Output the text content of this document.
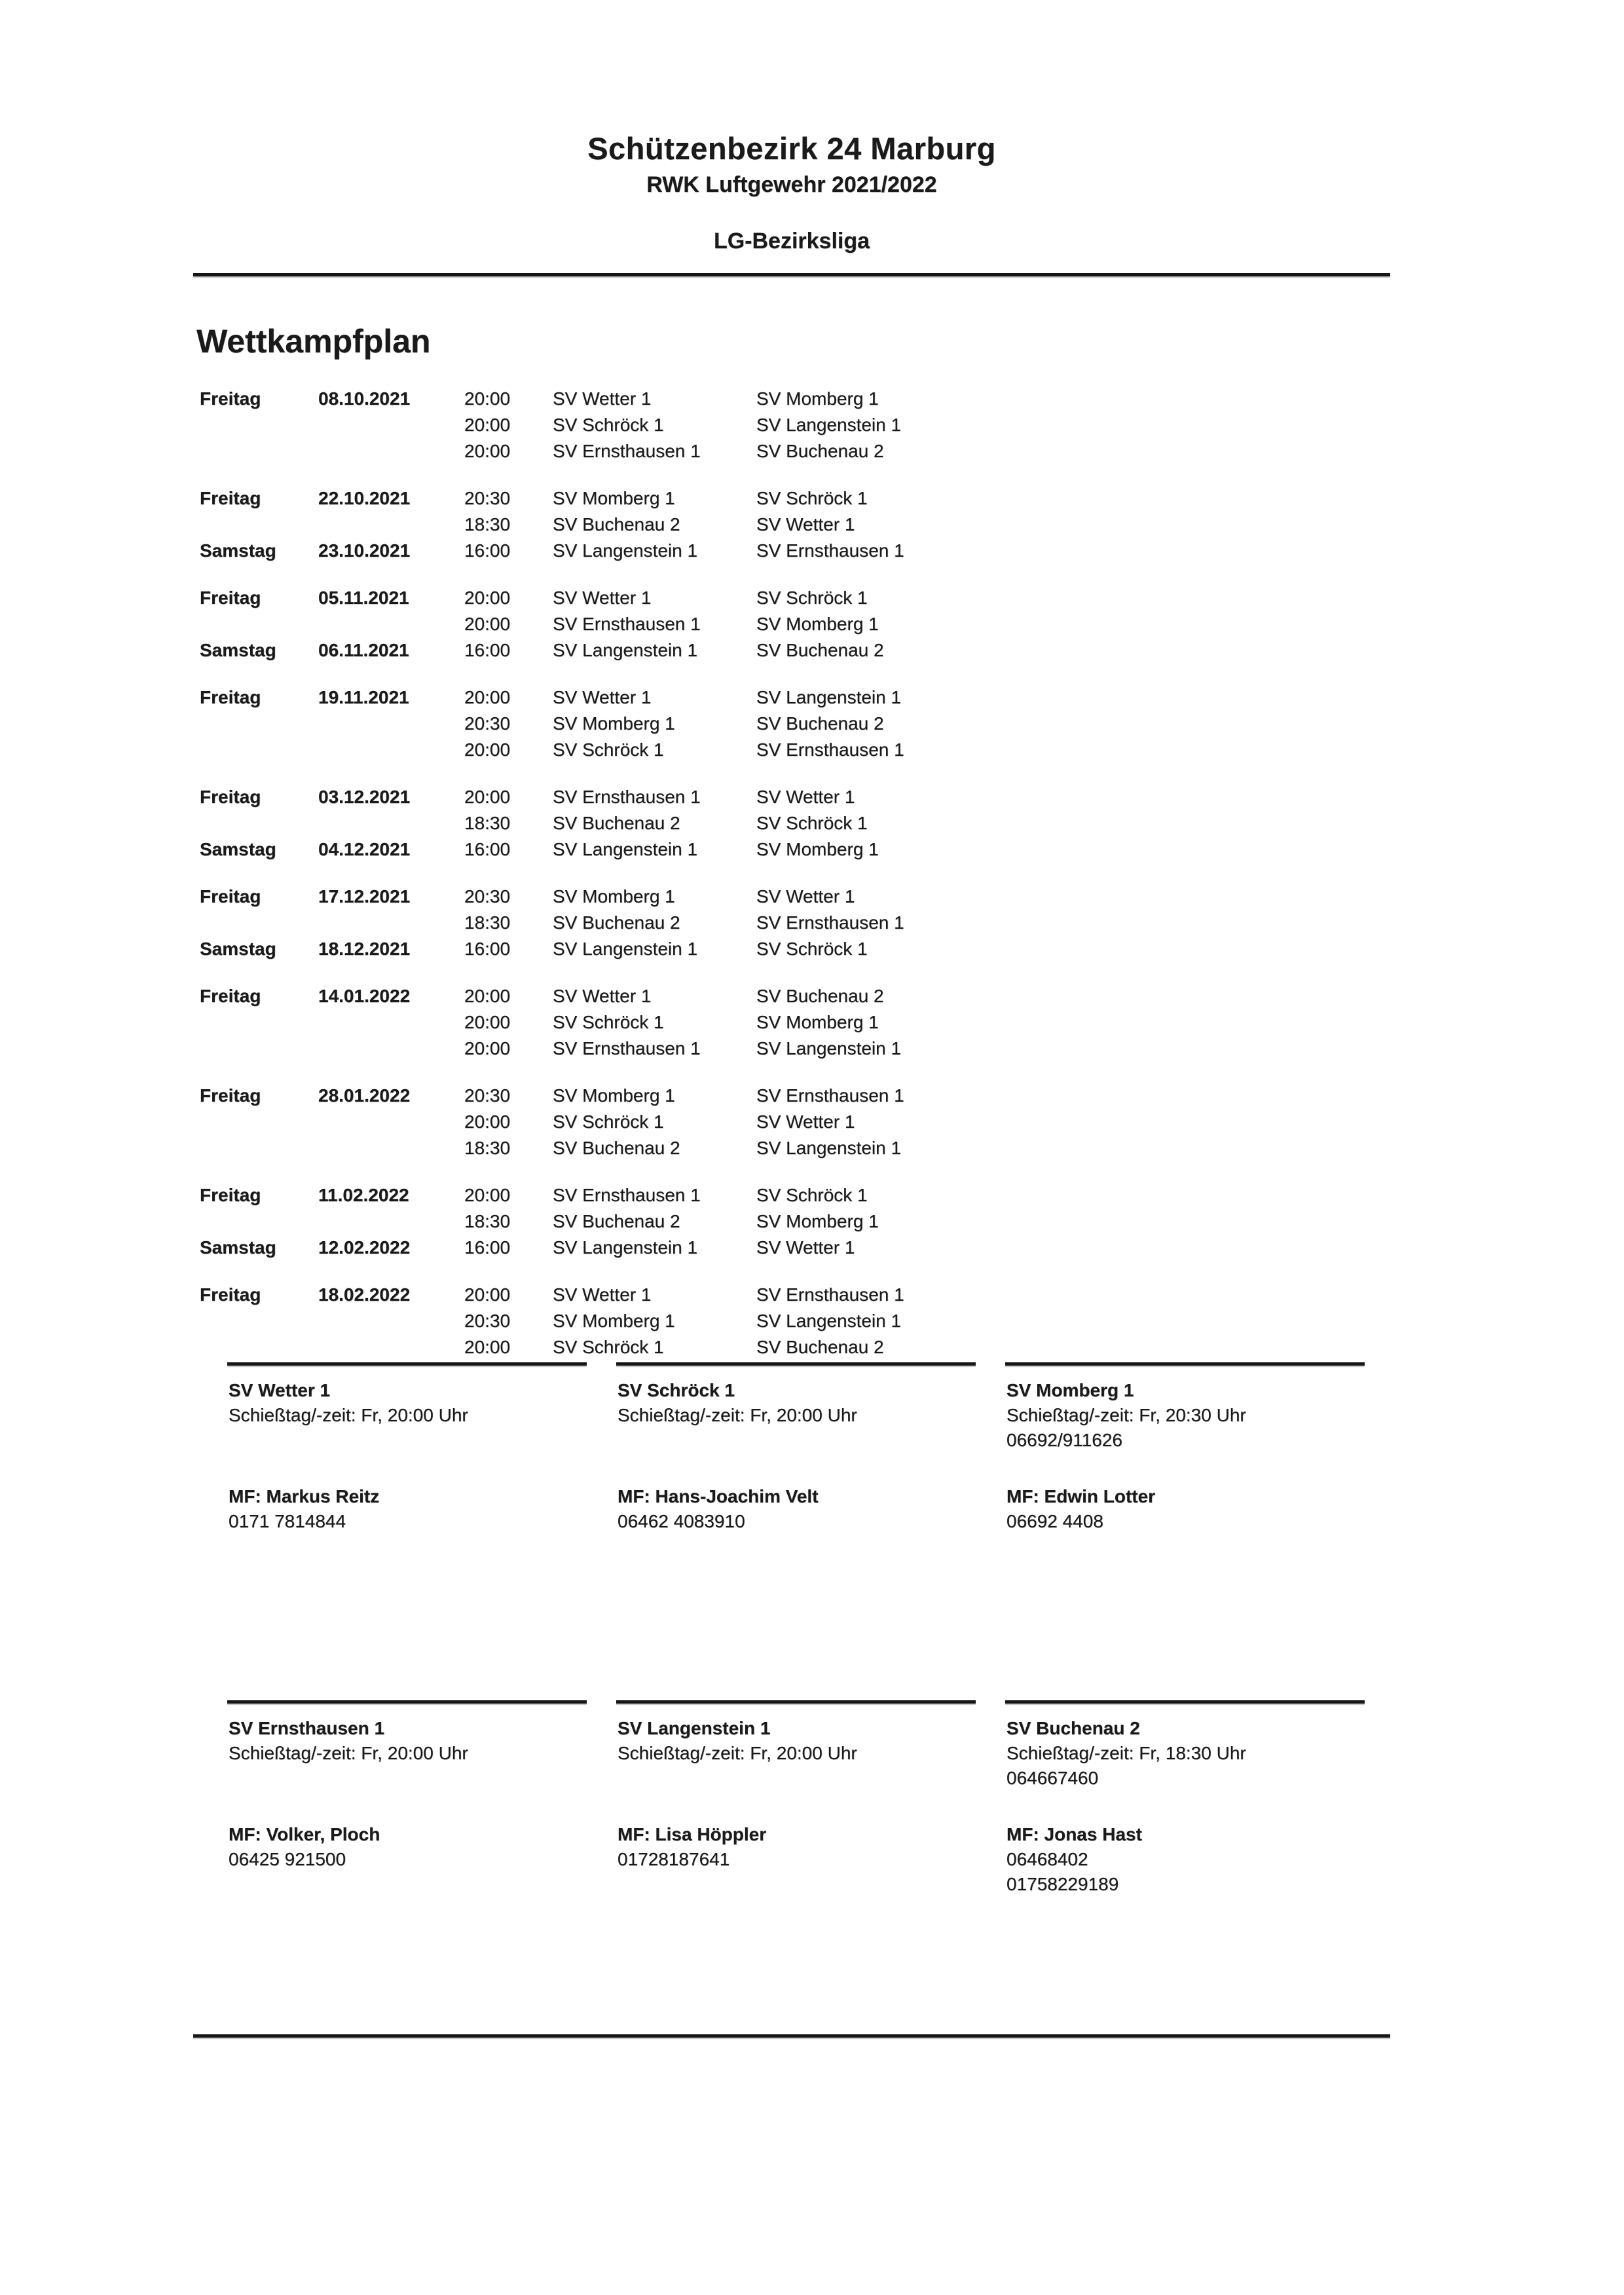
Schützenbezirk 24 Marburg
RWK Luftgewehr 2021/2022
LG-Bezirksliga
Wettkampfplan
Freitag	08.10.2021	20:00	SV Wetter 1	SV Momberg 1
20:00	SV Schröck 1	SV Langenstein 1
20:00	SV Ernsthausen 1	SV Buchenau 2
Freitag	22.10.2021	20:30	SV Momberg 1	SV Schröck 1
18:30	SV Buchenau 2	SV Wetter 1
Samstag	23.10.2021	16:00	SV Langenstein 1	SV Ernsthausen 1
Freitag	05.11.2021	20:00	SV Wetter 1	SV Schröck 1
20:00	SV Ernsthausen 1	SV Momberg 1
Samstag	06.11.2021	16:00	SV Langenstein 1	SV Buchenau 2
Freitag	19.11.2021	20:00	SV Wetter 1	SV Langenstein 1
20:30	SV Momberg 1	SV Buchenau 2
20:00	SV Schröck 1	SV Ernsthausen 1
Freitag	03.12.2021	20:00	SV Ernsthausen 1	SV Wetter 1
18:30	SV Buchenau 2	SV Schröck 1
Samstag	04.12.2021	16:00	SV Langenstein 1	SV Momberg 1
Freitag	17.12.2021	20:30	SV Momberg 1	SV Wetter 1
18:30	SV Buchenau 2	SV Ernsthausen 1
Samstag	18.12.2021	16:00	SV Langenstein 1	SV Schröck 1
Freitag	14.01.2022	20:00	SV Wetter 1	SV Buchenau 2
20:00	SV Schröck 1	SV Momberg 1
20:00	SV Ernsthausen 1	SV Langenstein 1
Freitag	28.01.2022	20:30	SV Momberg 1	SV Ernsthausen 1
20:00	SV Schröck 1	SV Wetter 1
18:30	SV Buchenau 2	SV Langenstein 1
Freitag	11.02.2022	20:00	SV Ernsthausen 1	SV Schröck 1
18:30	SV Buchenau 2	SV Momberg 1
Samstag	12.02.2022	16:00	SV Langenstein 1	SV Wetter 1
Freitag	18.02.2022	20:00	SV Wetter 1	SV Ernsthausen 1
20:30	SV Momberg 1	SV Langenstein 1
20:00	SV Schröck 1	SV Buchenau 2
SV Wetter 1
Schießtag/-zeit: Fr, 20:00 Uhr
MF: Markus Reitz
0171 7814844
SV Schröck 1
Schießtag/-zeit: Fr, 20:00 Uhr
MF: Hans-Joachim Velt
06462 4083910
SV Momberg 1
Schießtag/-zeit: Fr, 20:30 Uhr
06692/911626
MF: Edwin Lotter
06692 4408
SV Ernsthausen 1
Schießtag/-zeit: Fr, 20:00 Uhr
MF: Volker, Ploch
06425 921500
SV Langenstein 1
Schießtag/-zeit: Fr, 20:00 Uhr
MF: Lisa Höppler
01728187641
SV Buchenau 2
Schießtag/-zeit: Fr, 18:30 Uhr
064667460
MF: Jonas Hast
06468402
01758229189
